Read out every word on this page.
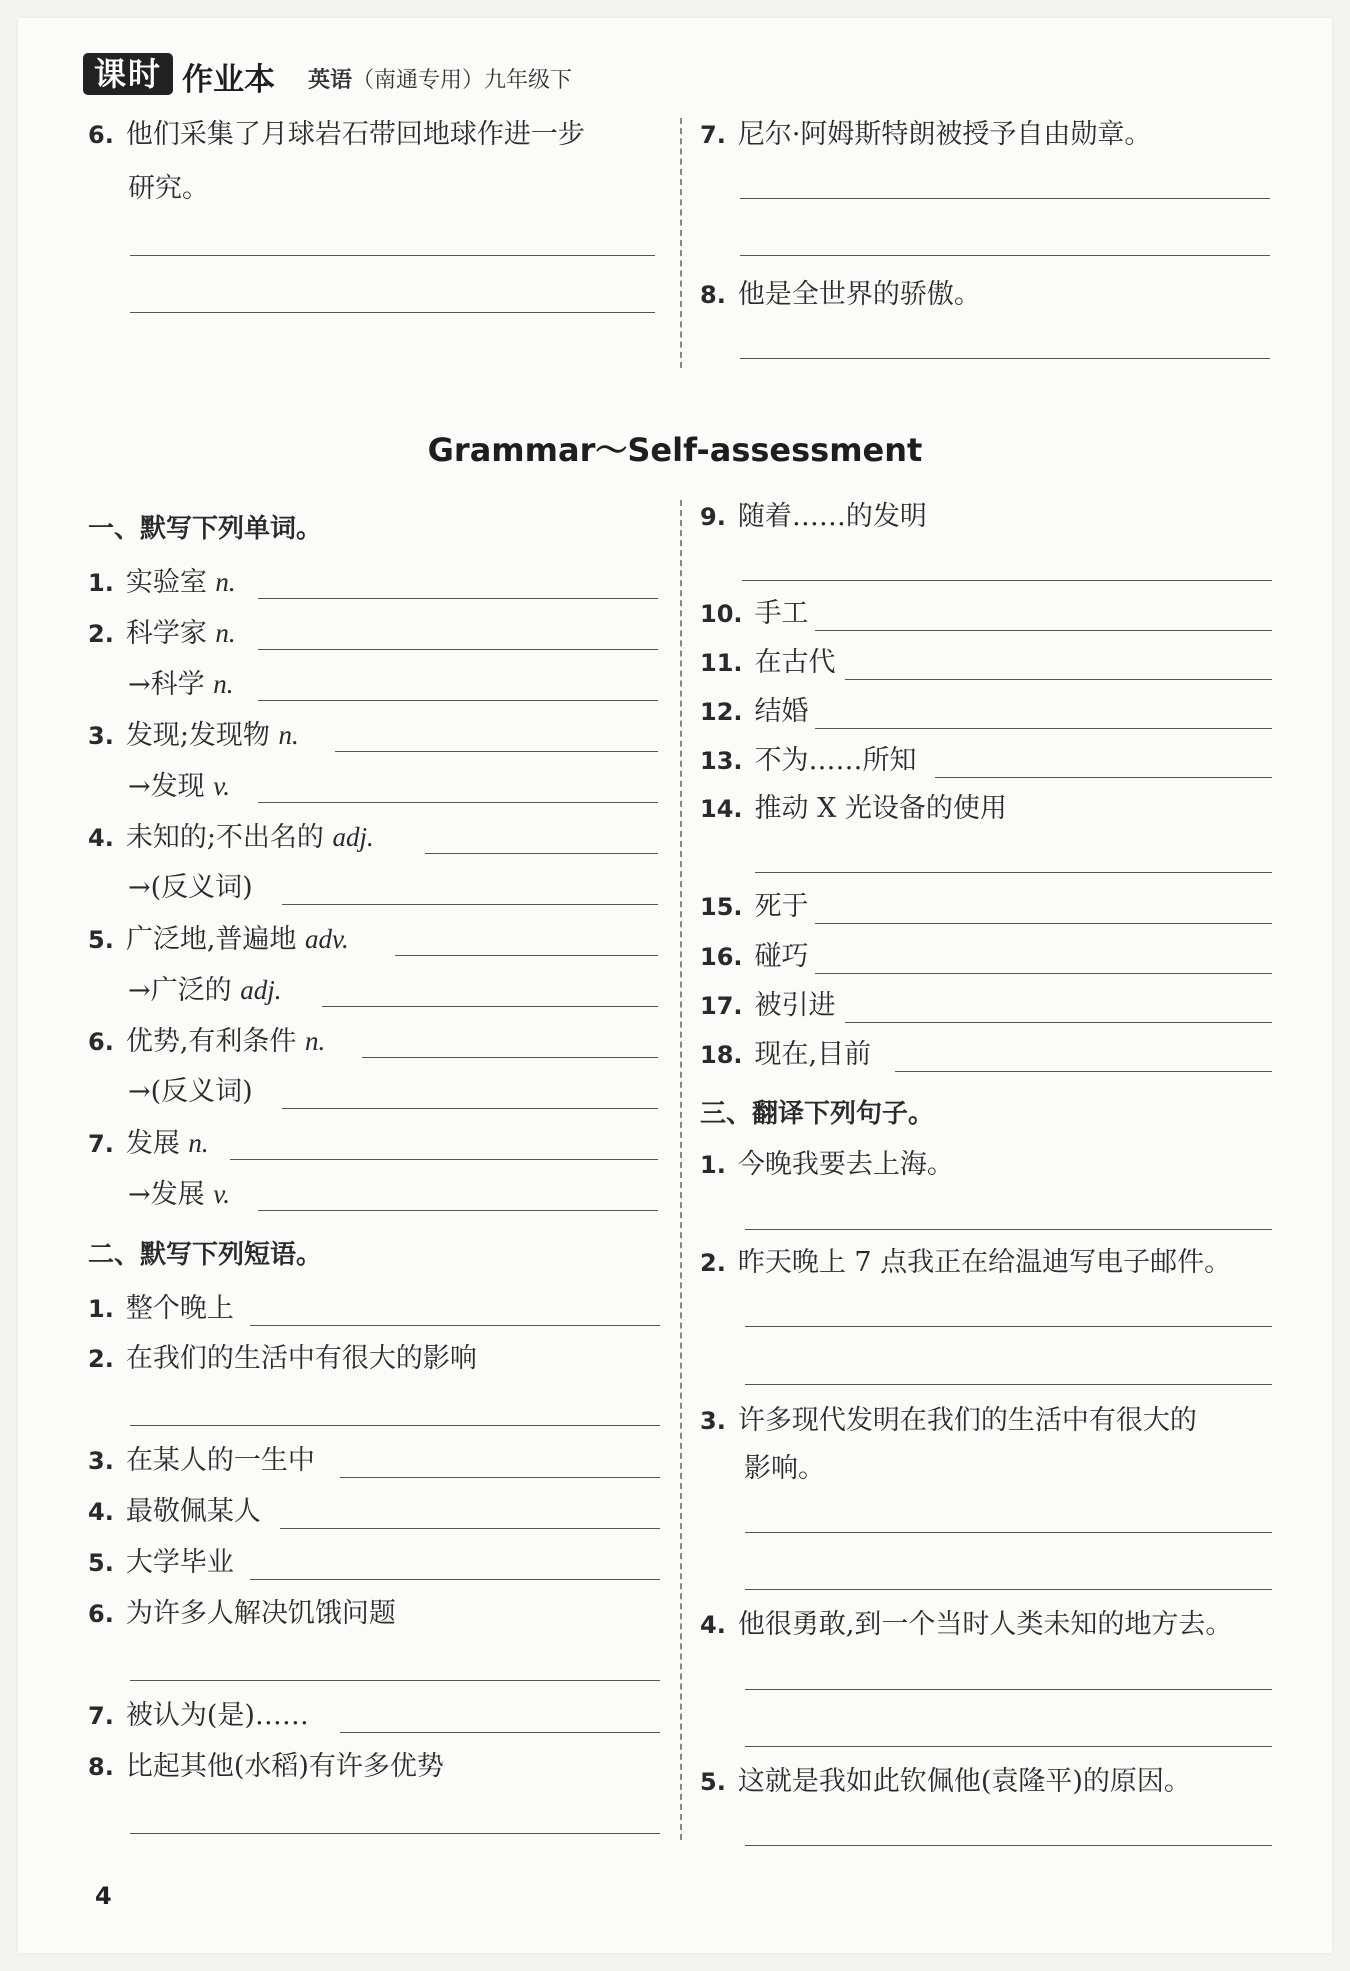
课时 作业本 英语（南通专用）九年级下
6. 他们采集了月球岩石带回地球作进一步
研究。
7. 尼尔·阿姆斯特朗被授予自由勋章。
8. 他是全世界的骄傲。
Grammar～Self-assessment
一、默写下列单词。
1. 实验室 n.
2. 科学家 n.
→科学 n.
3. 发现;发现物 n.
→发现 v.
4. 未知的;不出名的 adj.
→(反义词)
5. 广泛地,普遍地 adv.
→广泛的 adj.
6. 优势,有利条件 n.
→(反义词)
7. 发展 n.
→发展 v.
二、默写下列短语。
1. 整个晚上
2. 在我们的生活中有很大的影响
3. 在某人的一生中
4. 最敬佩某人
5. 大学毕业
6. 为许多人解决饥饿问题
7. 被认为(是)……
8. 比起其他(水稻)有许多优势
9. 随着……的发明
10. 手工
11. 在古代
12. 结婚
13. 不为……所知
14. 推动 X 光设备的使用
15. 死于
16. 碰巧
17. 被引进
18. 现在,目前
三、翻译下列句子。
1. 今晚我要去上海。
2. 昨天晚上 7 点我正在给温迪写电子邮件。
3. 许多现代发明在我们的生活中有很大的
影响。
4. 他很勇敢,到一个当时人类未知的地方去。
5. 这就是我如此钦佩他(袁隆平)的原因。
4
